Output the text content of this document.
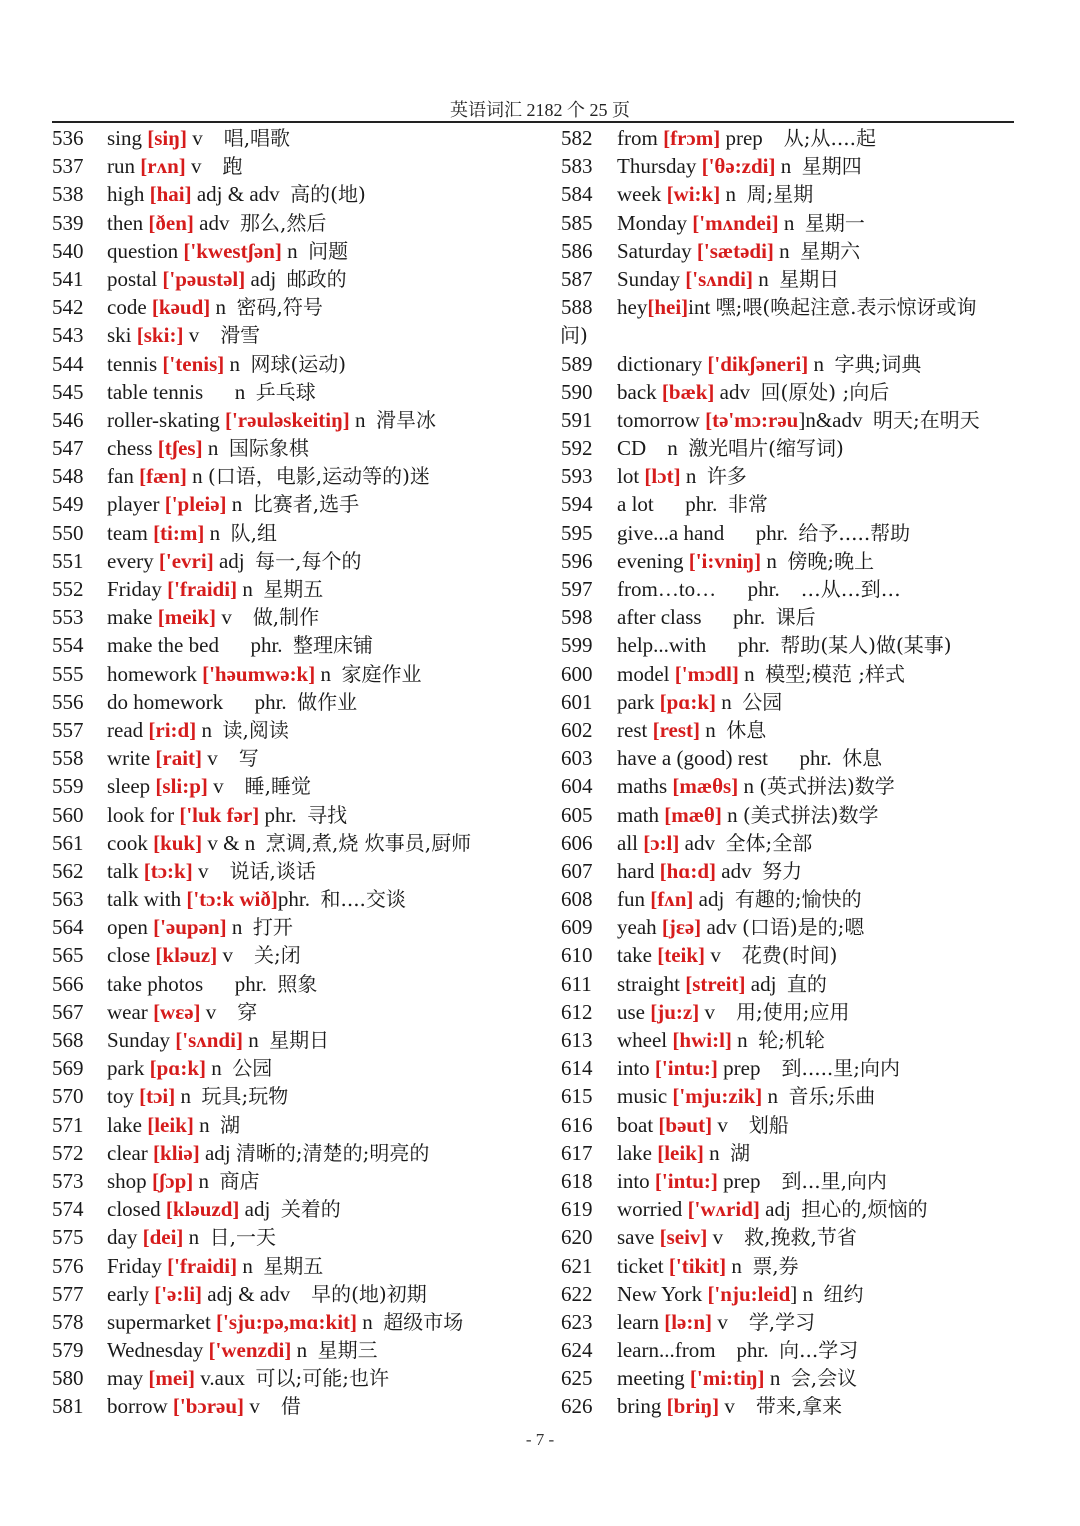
英语词汇 2182 个 25 页
536 sing [siŋ] v    唱,唱歌
537 run [rʌn] v    跑
538 high [hai] adj & adv  高的(地)
539 then [ðen] adv  那么,然后
540 question ['kwestʃən] n  问题
541 postal ['pəustəl] adj  邮政的
542 code [kəud] n  密码,符号
543 ski [ski:] v    滑雪
544 tennis ['tenis] n  网球(运动)
545 table tennis      n  乒乓球
546 roller-skating ['rəuləskeitiŋ] n  滑旱冰
547 chess [tʃes] n  国际象棋
548 fan [fæn] n (口语，电影,运动等的)迷
549 player ['pleiə] n  比赛者,选手
550 team [ti:m] n  队,组
551 every ['evri] adj  每一,每个的
552 Friday ['fraidi] n  星期五
553 make [meik] v    做,制作
554 make the bed      phr.  整理床铺
555 homework ['həumwə:k] n  家庭作业
556 do homework      phr.  做作业
557 read [ri:d] n  读,阅读
558 write [rait] v    写
559 sleep [sli:p] v    睡,睡觉
560 look for ['luk fər] phr.  寻找
561 cook [kuk] v & n  烹调,煮,烧 炊事员,厨师
562 talk [tɔ:k] v    说话,谈话
563 talk with ['tɔ:k wið]phr.  和....交谈
564 open ['əupən] n  打开
565 close [kləuz] v    关;闭
566 take photos      phr.  照象
567 wear [wɛə] v    穿
568 Sunday ['sʌndi] n  星期日
569 park [pɑ:k] n  公园
570 toy [tɔi] n  玩具;玩物
571 lake [leik] n  湖
572 clear [kliə] adj 清晰的;清楚的;明亮的
573 shop [ʃɔp] n  商店
574 closed [kləuzd] adj  关着的
575 day [dei] n  日,一天
576 Friday ['fraidi] n  星期五
577 early ['ə:li] adj & adv    早的(地)初期
578 supermarket ['sju:pə,mɑ:kit] n  超级市场
579 Wednesday ['wenzdi] n  星期三
580 may [mei] v.aux  可以;可能;也许
581 borrow ['bɔrəu] v    借
582 from [frɔm] prep    从;从....起
583 Thursday ['θə:zdi] n  星期四
584 week [wi:k] n  周;星期
585 Monday ['mʌndei] n  星期一
586 Saturday ['sætədi] n  星期六
587 Sunday ['sʌndi] n  星期日
588 hey[hei]int 嘿;喂(唤起注意.表示惊讶或询
问)
589 dictionary ['dikʃəneri] n  字典;词典
590 back [bæk] adv  回(原处) ;向后
591 tomorrow [tə'mɔ:rəu]n&adv  明天;在明天
592 CD    n  激光唱片(缩写词)
593 lot [lɔt] n  许多
594 a lot      phr.  非常
595 give...a hand      phr.  给予.....帮助
596 evening ['i:vniŋ] n  傍晚;晚上
597 from…to…      phr.    …从…到…
598 after class      phr.  课后
599 help...with      phr.  帮助(某人)做(某事)
600 model ['mɔdl] n  模型;模范 ;样式
601 park [pɑ:k] n  公园
602 rest [rest] n  休息
603 have a (good) rest      phr.  休息
604 maths [mæθs] n (英式拼法)数学
605 math [mæθ] n (美式拼法)数学
606 all [ɔ:l] adv  全体;全部
607 hard [hɑ:d] adv  努力
608 fun [fʌn] adj  有趣的;愉快的
609 yeah [jɛə] adv (口语)是的;嗯
610 take [teik] v    花费(时间)
611 straight [streit] adj  直的
612 use [ju:z] v    用;使用;应用
613 wheel [hwi:l] n  轮;机轮
614 into ['intu:] prep    到.....里;向内
615 music ['mju:zik] n  音乐;乐曲
616 boat [bəut] v    划船
617 lake [leik] n  湖
618 into ['intu:] prep    到...里,向内
619 worried ['wʌrid] adj  担心的,烦恼的
620 save [seiv] v    救,挽救,节省
621 ticket ['tikit] n  票,券
622 New York ['nju:leid] n  纽约
623 learn [lə:n] v    学,学习
624 learn...from    phr.  向...学习
625 meeting ['mi:tiŋ] n  会,会议
626 bring [briŋ] v    带来,拿来
- 7 -
